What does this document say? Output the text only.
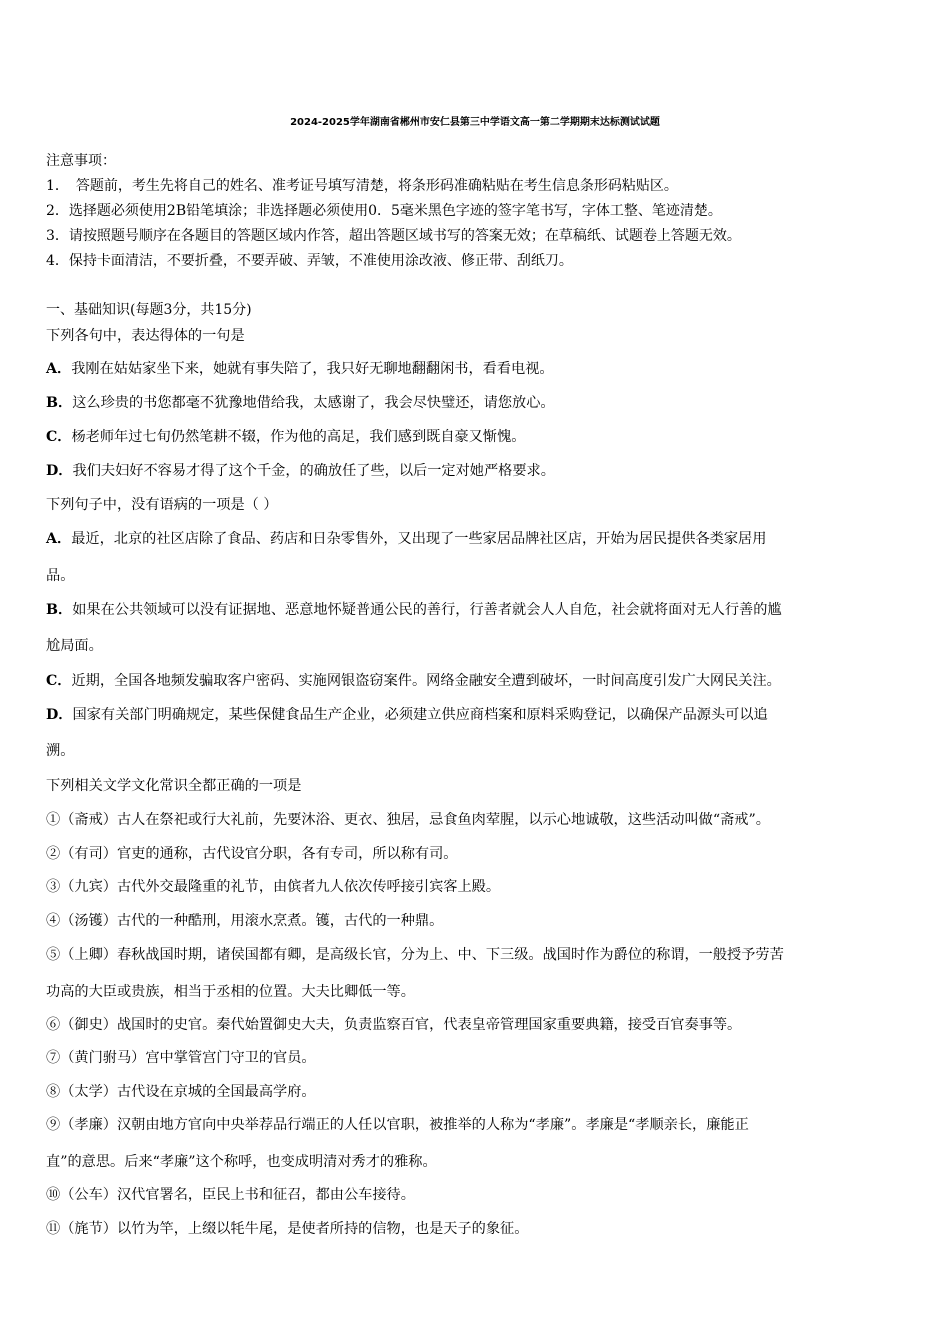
2024-2025学年湖南省郴州市安仁县第三中学语文高一第二学期期末达标测试试题
注意事项：
1．　答题前，考生先将自己的姓名、准考证号填写清楚，将条形码准确粘贴在考生信息条形码粘贴区。
2．选择题必须使用2B铅笔填涂；非选择题必须使用0．5毫米黑色字迹的签字笔书写，字体工整、笔迹清楚。
3．请按照题号顺序在各题目的答题区域内作答，超出答题区域书写的答案无效；在草稿纸、试题卷上答题无效。
4．保持卡面清洁，不要折叠，不要弄破、弄皱，不准使用涂改液、修正带、刮纸刀。
一、基础知识(每题3分，共15分)
下列各句中，表达得体的一句是
A．我刚在姑姑家坐下来，她就有事失陪了，我只好无聊地翻翻闲书，看看电视。
B．这么珍贵的书您都毫不犹豫地借给我，太感谢了，我会尽快璧还，请您放心。
C．杨老师年过七旬仍然笔耕不辍，作为他的高足，我们感到既自豪又惭愧。
D．我们夫妇好不容易才得了这个千金，的确放任了些，以后一定对她严格要求。
下列句子中，没有语病的一项是（ ）
A．最近，北京的社区店除了食品、药店和日杂零售外，又出现了一些家居品牌社区店，开始为居民提供各类家居用
品。
B．如果在公共领域可以没有证据地、恶意地怀疑普通公民的善行，行善者就会人人自危，社会就将面对无人行善的尴
尬局面。
C．近期，全国各地频发骗取客户密码、实施网银盗窃案件。网络金融安全遭到破坏，一时间高度引发广大网民关注。
D．国家有关部门明确规定，某些保健食品生产企业，必须建立供应商档案和原料采购登记，以确保产品源头可以追
溯。
下列相关文学文化常识全都正确的一项是
①（斋戒）古人在祭祀或行大礼前，先要沐浴、更衣、独居，忌食鱼肉荤腥，以示心地诚敬，这些活动叫做“斋戒”。
②（有司）官吏的通称，古代设官分职，各有专司，所以称有司。
③（九宾）古代外交最隆重的礼节，由傧者九人依次传呼接引宾客上殿。
④（汤镬）古代的一种酷刑，用滚水烹煮。镬，古代的一种鼎。
⑤（上卿）春秋战国时期，诸侯国都有卿，是高级长官，分为上、中、下三级。战国时作为爵位的称谓，一般授予劳苦
功高的大臣或贵族，相当于丞相的位置。大夫比卿低一等。
⑥（御史）战国时的史官。秦代始置御史大夫，负责监察百官，代表皇帝管理国家重要典籍，接受百官奏事等。
⑦（黄门驸马）宫中掌管宫门守卫的官员。
⑧（太学）古代设在京城的全国最高学府。
⑨（孝廉）汉朝由地方官向中央举荐品行端正的人任以官职，被推举的人称为“孝廉”。孝廉是“孝顺亲长，廉能正
直”的意思。后来“孝廉”这个称呼，也变成明清对秀才的雅称。
⑩（公车）汉代官署名，臣民上书和征召，都由公车接待。
⑪（旄节）以竹为竿，上缀以牦牛尾，是使者所持的信物，也是天子的象征。
